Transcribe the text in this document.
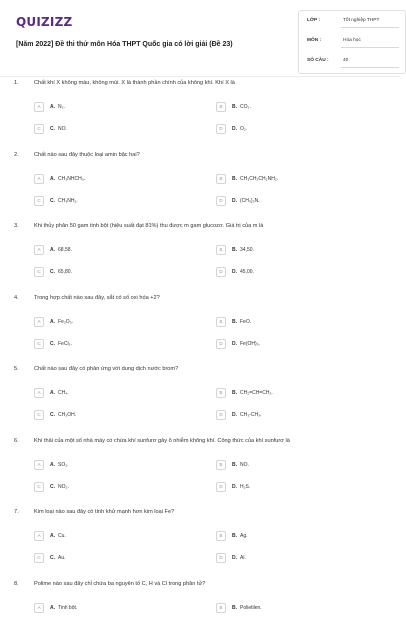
QUIZIZZ
[Năm 2022] Đề thi thử môn Hóa THPT Quốc gia có lời giải (Đề 23)
LỚP :	Tốt nghiệp THPT
MÔN :	Hóa học
SỐ CÂU :	40
1.	Chất khí X không màu, không mùi. X là thành phần chính của không khí. Khí X là
A	A. N₂.	B	B. CO₂.
C	C. NO.	D	D. O₂.
2.	Chất nào sau đây thuộc loại amin bậc hai?
A	A. CH₃NHCH₃.	B	B. CH₃CH₂CH₂NH₂.
C	C. CH₃NH₂.	D	D. (CH₃)₃N.
3.	Khi thủy phân 50 gam tinh bột (hiệu suất đạt 81%) thu được m gam glucozơ. Giá trị của m là
A	A. 68,58.	B	B. 34,50.
C	C. 65,80.	D	D. 45,00.
4.	Trong hợp chất nào sau đây, sắt có số oxi hóa +2?
A	A. Fe₂O₃.	B	B. FeO.
C	C. FeCl₃.	D	D. Fe(OH)₃.
5.	Chất nào sau đây có phản ứng với dung dịch nước brom?
A	A. CH₄.	B	B. CH₂=CH=CH₂.
C	C. CH₃OH.	D	D. CH₃-CH₃.
6.	Khí thải của một số nhà máy có chứa khí sunfurơ gây ô nhiễm không khí. Công thức của khí sunfurơ là
A	A. SO₂.	B	B. NO.
C	C. NO₂.	D	D. H₂S.
7.	Kim loại nào sau đây có tính khử mạnh hơn kim loại Fe?
A	A. Cu.	B	B. Ag.
C	C. Au.	D	D. Al.
8.	Polime nào sau đây chỉ chứa ba nguyên tố C, H và Cl trong phân tử?
A	A. Tinh bột.	B	B. Polietilen.
